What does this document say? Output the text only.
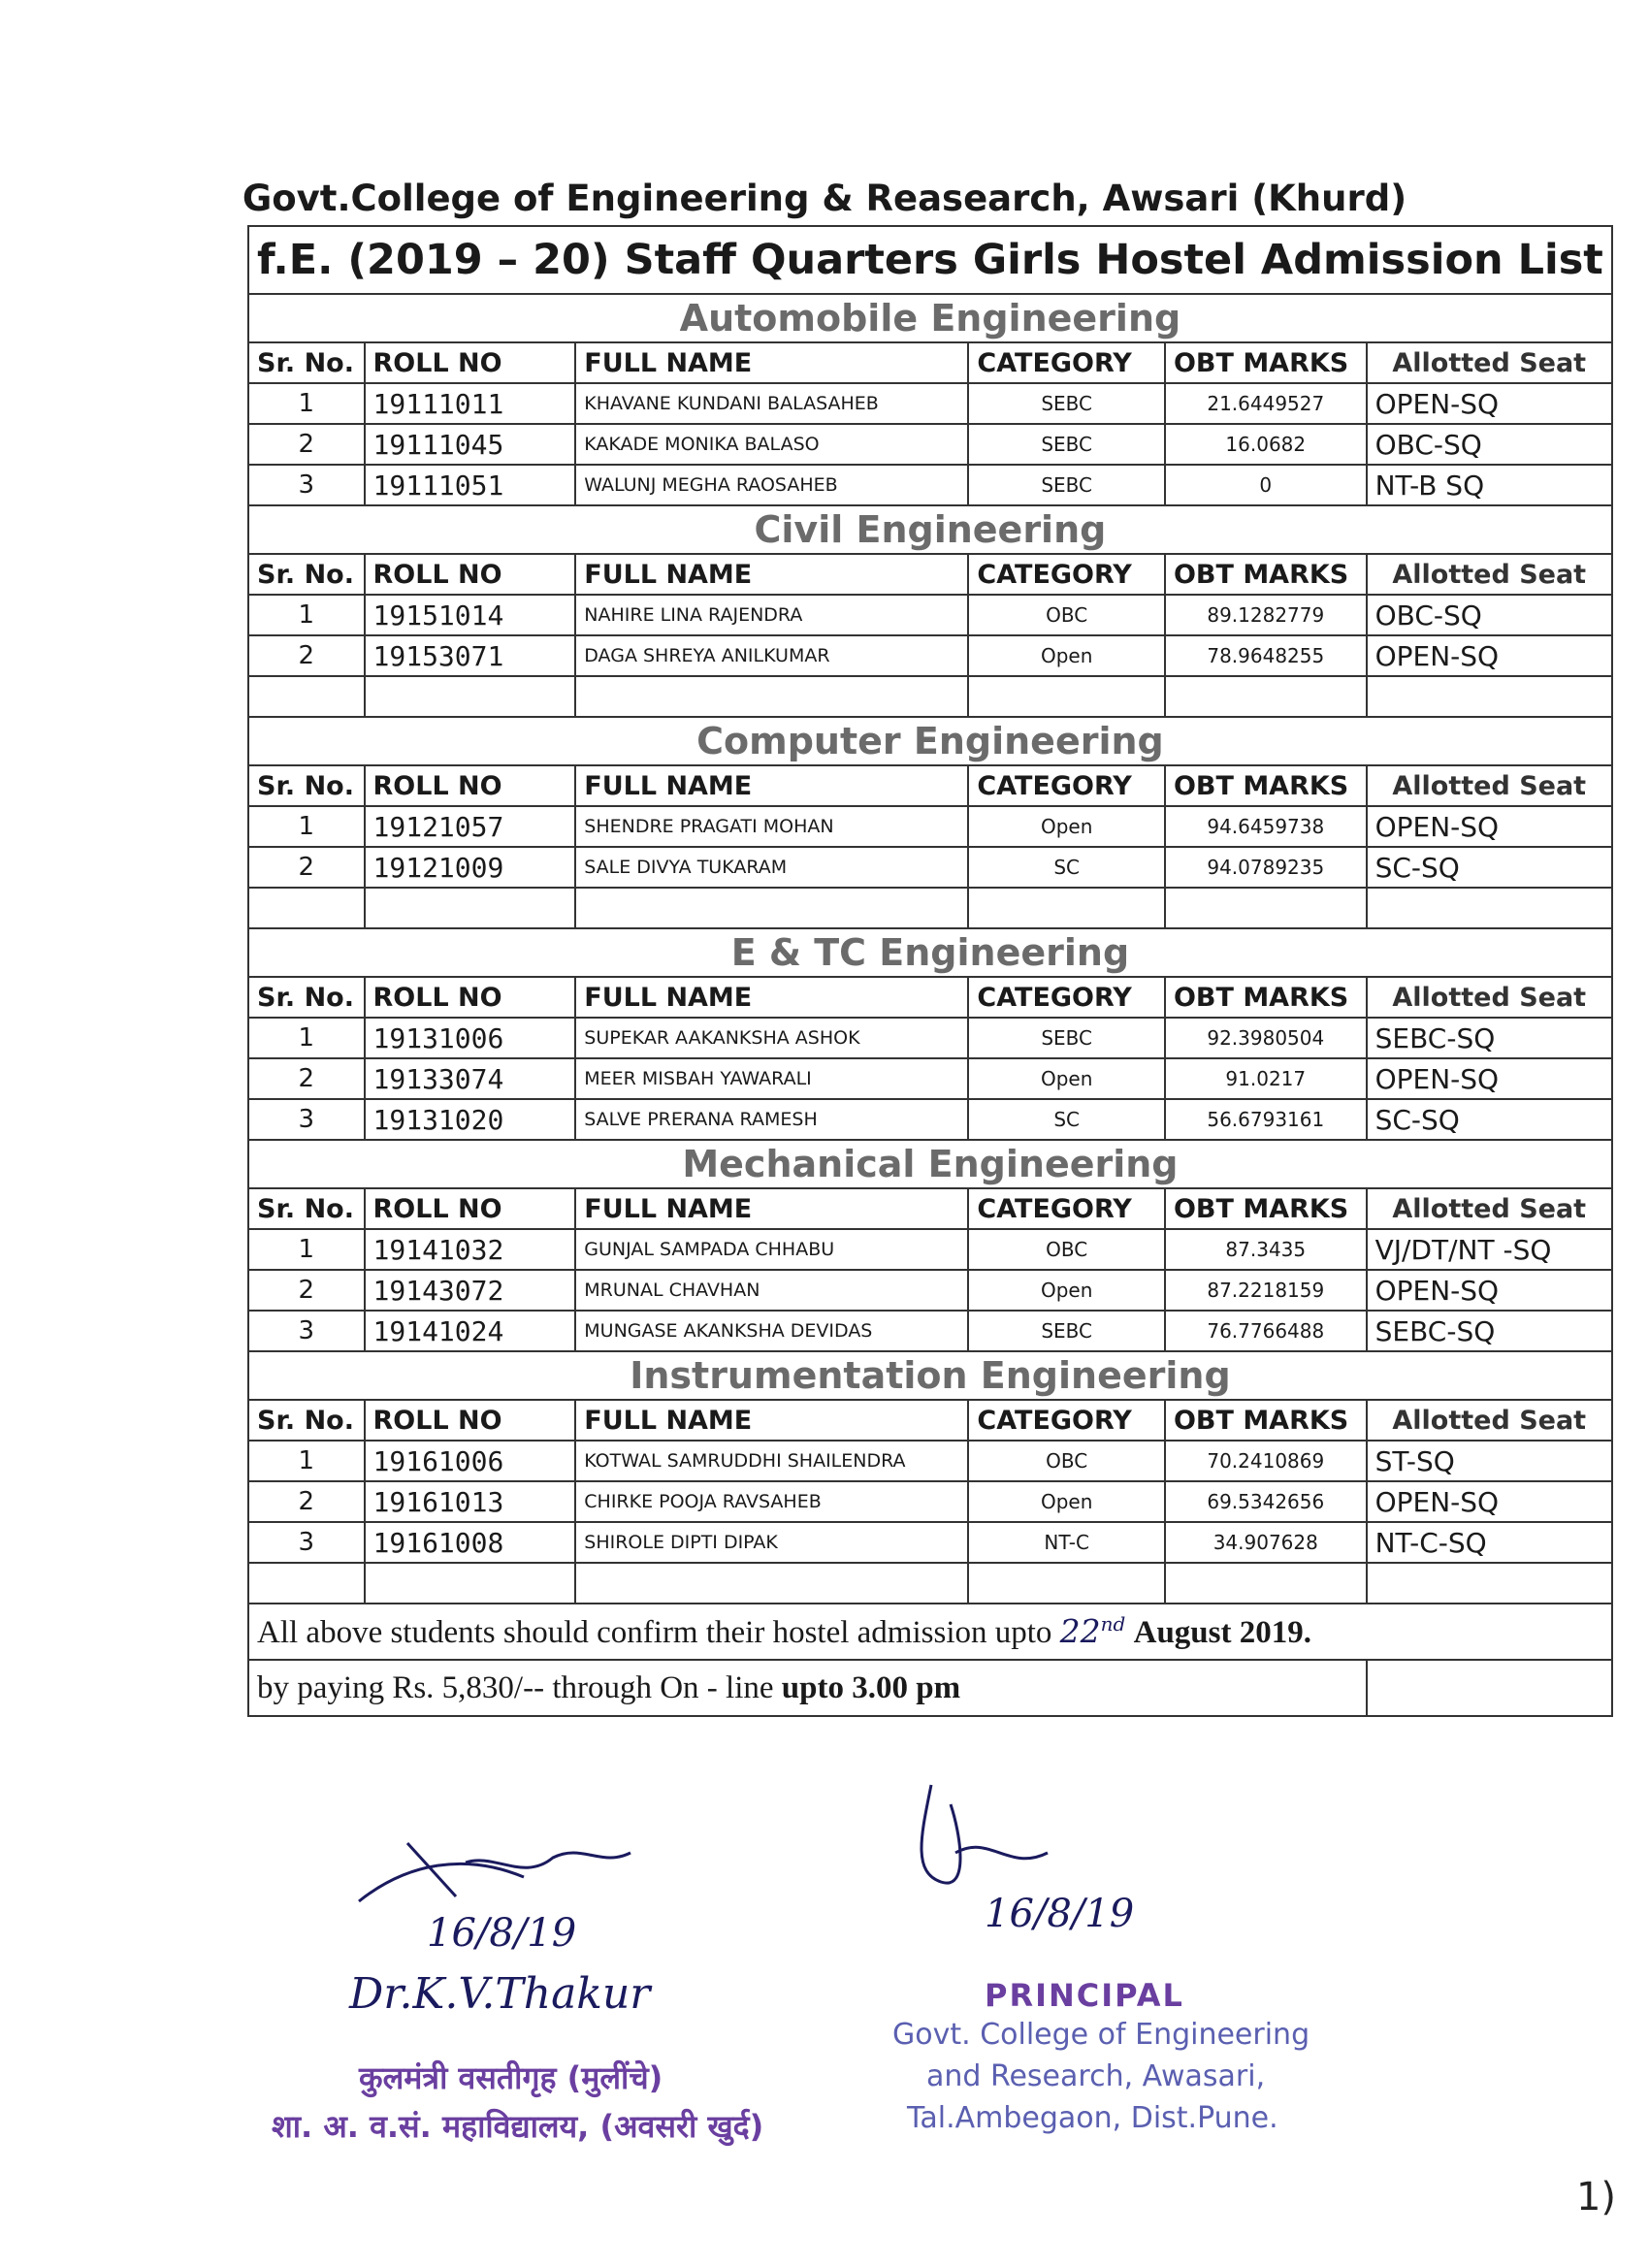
Govt.College of Engineering & Reasearch, Awsari (Khurd)
f.E. (2019 – 20) Staff Quarters Girls Hostel Admission List					
Automobile Engineering					
Sr. No.	ROLL NO	FULL NAME	CATEGORY	OBT MARKS	Allotted Seat
1	19111011	KHAVANE KUNDANI BALASAHEB	SEBC	21.6449527	OPEN-SQ
2	19111045	KAKADE MONIKA BALASO	SEBC	16.0682	OBC-SQ
3	19111051	WALUNJ MEGHA RAOSAHEB	SEBC	0	NT-B SQ
Civil Engineering					
Sr. No.	ROLL NO	FULL NAME	CATEGORY	OBT MARKS	Allotted Seat
1	19151014	NAHIRE LINA RAJENDRA	OBC	89.1282779	OBC-SQ
2	19153071	DAGA SHREYA ANILKUMAR	Open	78.9648255	OPEN-SQ

Computer Engineering					
Sr. No.	ROLL NO	FULL NAME	CATEGORY	OBT MARKS	Allotted Seat
1	19121057	SHENDRE PRAGATI MOHAN	Open	94.6459738	OPEN-SQ
2	19121009	SALE DIVYA TUKARAM	SC	94.0789235	SC-SQ

E & TC Engineering					
Sr. No.	ROLL NO	FULL NAME	CATEGORY	OBT MARKS	Allotted Seat
1	19131006	SUPEKAR AAKANKSHA ASHOK	SEBC	92.3980504	SEBC-SQ
2	19133074	MEER MISBAH YAWARALI	Open	91.0217	OPEN-SQ
3	19131020	SALVE PRERANA RAMESH	SC	56.6793161	SC-SQ
Mechanical Engineering					
Sr. No.	ROLL NO	FULL NAME	CATEGORY	OBT MARKS	Allotted Seat
1	19141032	GUNJAL SAMPADA CHHABU	OBC	87.3435	VJ/DT/NT -SQ
2	19143072	MRUNAL CHAVHAN	Open	87.2218159	OPEN-SQ
3	19141024	MUNGASE AKANKSHA DEVIDAS	SEBC	76.7766488	SEBC-SQ
Instrumentation Engineering					
Sr. No.	ROLL NO	FULL NAME	CATEGORY	OBT MARKS	Allotted Seat
1	19161006	KOTWAL SAMRUDDHI SHAILENDRA	OBC	70.2410869	ST-SQ
2	19161013	CHIRKE POOJA RAVSAHEB	Open	69.5342656	OPEN-SQ
3	19161008	SHIROLE DIPTI DIPAK	NT-C	34.907628	NT-C-SQ

All above students should confirm their hostel admission upto 22nd August 2019.					
by paying Rs. 5,830/-- through On - line upto 3.00 pm					
16/8/19
Dr.K.V.Thakur
कुलमंत्री वसतीगृह (मुलींचे)
शा. अ. व.सं. महाविद्यालय, (अवसरी खुर्द)
16/8/19
PRINCIPAL
Govt. College of Engineering
and Research, Awasari,
Tal.Ambegaon, Dist.Pune.
1)
